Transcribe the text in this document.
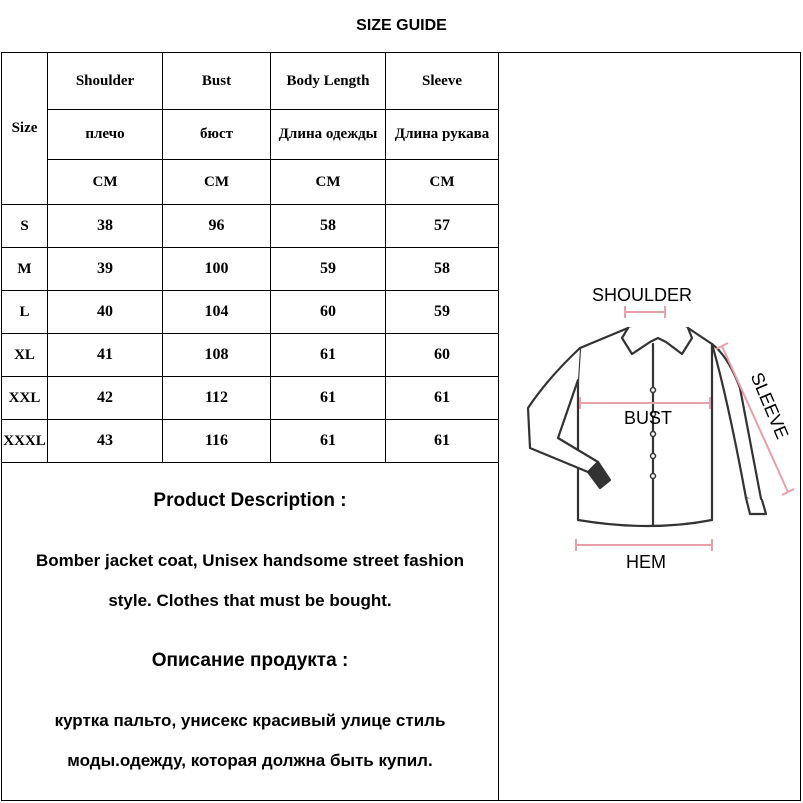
SIZE GUIDE
Size	Shoulder	Bust	Body Length	Sleeve
	плечо	бюст	Длина одежды	Длина рукава
	CM	CM	CM	CM
S	38	96	58	57
M	39	100	59	58
L	40	104	60	59
XL	41	108	61	60
XXL	42	112	61	61
XXXL	43	116	61	61
Product Description :
Bomber jacket coat, Unisex handsome street fashion
style. Clothes that must be bought.
Описание продукта :
куртка пальто, унисекс красивый улице стиль
моды.одежду, которая должна быть купил.
SHOULDER
BUST	SLEEVE
HEM
